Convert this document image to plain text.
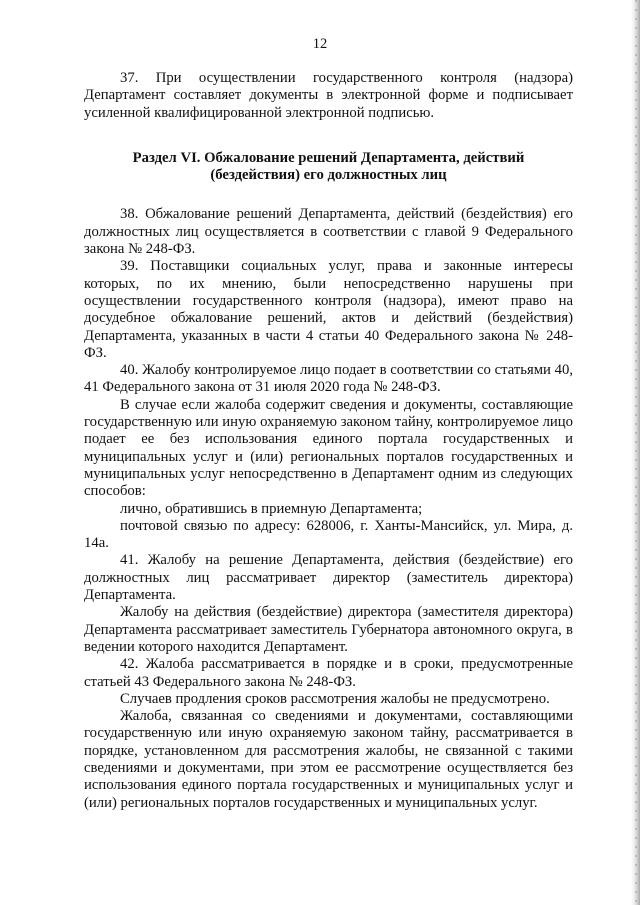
12

37. При осуществлении государственного контроля (надзора) Департамент составляет документы в электронной форме и подписывает усиленной квалифицированной электронной подписью.

Раздел VI. Обжалование решений Департамента, действий
(бездействия) его должностных лиц

38. Обжалование решений Департамента, действий (бездействия) его должностных лиц осуществляется в соответствии с главой 9 Федерального закона № 248-ФЗ.

39. Поставщики социальных услуг, права и законные интересы которых, по их мнению, были непосредственно нарушены при осуществлении государственного контроля (надзора), имеют право на досудебное обжалование решений, актов и действий (бездействия) Департамента, указанных в части 4 статьи 40 Федерального закона № 248-ФЗ.

40. Жалобу контролируемое лицо подает в соответствии со статьями 40, 41 Федерального закона от 31 июля 2020 года № 248-ФЗ.

В случае если жалоба содержит сведения и документы, составляющие государственную или иную охраняемую законом тайну, контролируемое лицо подает ее без использования единого портала государственных и муниципальных услуг и (или) региональных порталов государственных и муниципальных услуг непосредственно в Департамент одним из следующих способов:

лично, обратившись в приемную Департамента;

почтовой связью по адресу: 628006, г. Ханты-Мансийск, ул. Мира, д. 14а.

41. Жалобу на решение Департамента, действия (бездействие) его должностных лиц рассматривает директор (заместитель директора) Департамента.

Жалобу на действия (бездействие) директора (заместителя директора) Департамента рассматривает заместитель Губернатора автономного округа, в ведении которого находится Департамент.

42. Жалоба рассматривается в порядке и в сроки, предусмотренные статьей 43 Федерального закона № 248-ФЗ.

Случаев продления сроков рассмотрения жалобы не предусмотрено.

Жалоба, связанная со сведениями и документами, составляющими государственную или иную охраняемую законом тайну, рассматривается в порядке, установленном для рассмотрения жалобы, не связанной с такими сведениями и документами, при этом ее рассмотрение осуществляется без использования единого портала государственных и муниципальных услуг и (или) региональных порталов государственных и муниципальных услуг.
